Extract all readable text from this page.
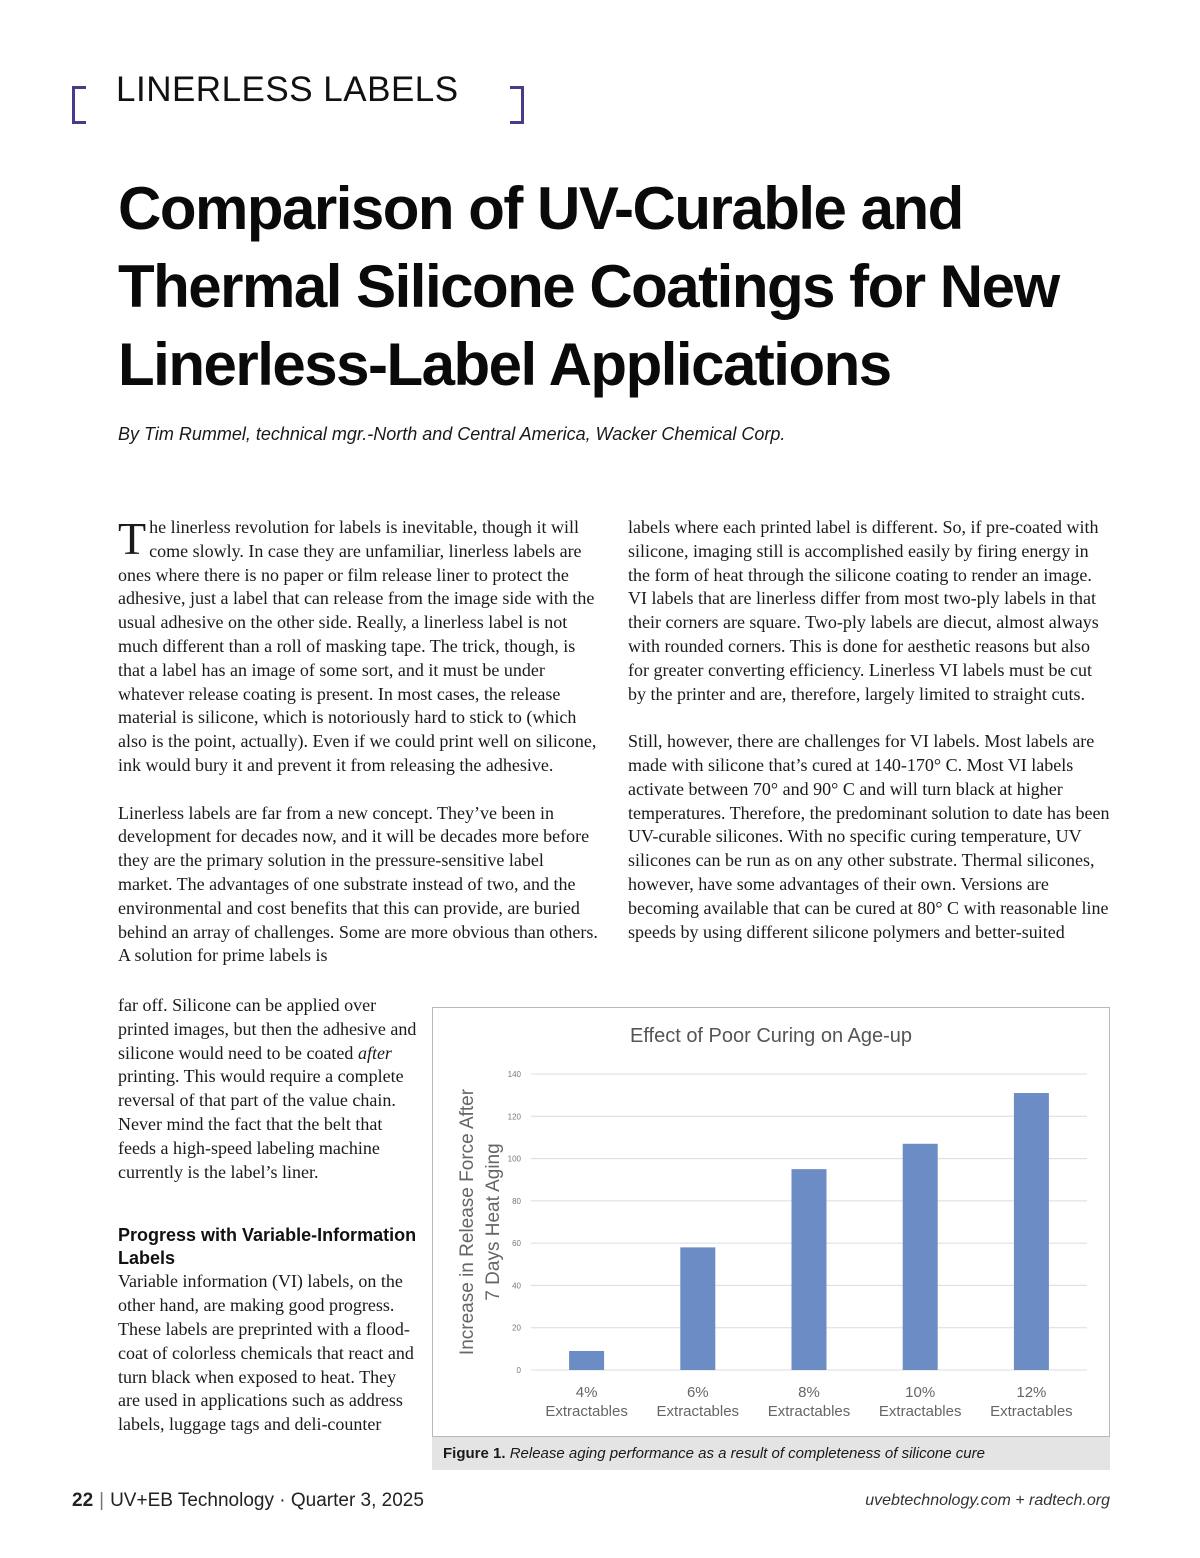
LINERLESS LABELS
Comparison of UV-Curable and Thermal Silicone Coatings for New Linerless-Label Applications
By Tim Rummel, technical mgr.-North and Central America, Wacker Chemical Corp.

The linerless revolution for labels is inevitable, though it will come slowly. In case they are unfamiliar, linerless labels are ones where there is no paper or film release liner to protect the adhesive, just a label that can release from the image side with the usual adhesive on the other side. Really, a linerless label is not much different than a roll of masking tape. The trick, though, is that a label has an image of some sort, and it must be under whatever release coating is present. In most cases, the release material is silicone, which is notoriously hard to stick to (which also is the point, actually). Even if we could print well on silicone, ink would bury it and prevent it from releasing the adhesive.

Linerless labels are far from a new concept. They’ve been in development for decades now, and it will be decades more before they are the primary solution in the pressure-sensitive label market. The advantages of one substrate instead of two, and the environmental and cost benefits that this can provide, are buried behind an array of challenges. Some are more obvious than others. A solution for prime labels is

far off. Silicone can be applied over printed images, but then the adhesive and silicone would need to be coated after printing. This would require a complete reversal of that part of the value chain. Never mind the fact that the belt that feeds a high-speed labeling machine currently is the label’s liner.

Progress with Variable-Information Labels

Variable information (VI) labels, on the other hand, are making good progress. These labels are preprinted with a flood-coat of colorless chemicals that react and turn black when exposed to heat. They are used in applications such as address labels, luggage tags and deli-counter

labels where each printed label is different. So, if pre-coated with silicone, imaging still is accomplished easily by firing energy in the form of heat through the silicone coating to render an image. VI labels that are linerless differ from most two-ply labels in that their corners are square. Two-ply labels are diecut, almost always with rounded corners. This is done for aesthetic reasons but also for greater converting efficiency. Linerless VI labels must be cut by the printer and are, therefore, largely limited to straight cuts.

Still, however, there are challenges for VI labels. Most labels are made with silicone that’s cured at 140-170° C. Most VI labels activate between 70° and 90° C and will turn black at higher temperatures. Therefore, the predominant solution to date has been UV-curable silicones. With no specific curing temperature, UV silicones can be run as on any other substrate. Thermal silicones, however, have some advantages of their own. Versions are becoming available that can be cured at 80° C with reasonable line speeds by using different silicone polymers and better-suited

Effect of Poor Curing on Age-up
0
20
40
60
80
100
120
140
Increase in Release Force After 7 Days Heat Aging
4%
Extractables
6%
Extractables
8%
Extractables
10%
Extractables
12%
Extractables
Figure 1. Release aging performance as a result of completeness of silicone cure
22 | UV+EB Technology · Quarter 3, 2025	uvebtechnology.com + radtech.org
